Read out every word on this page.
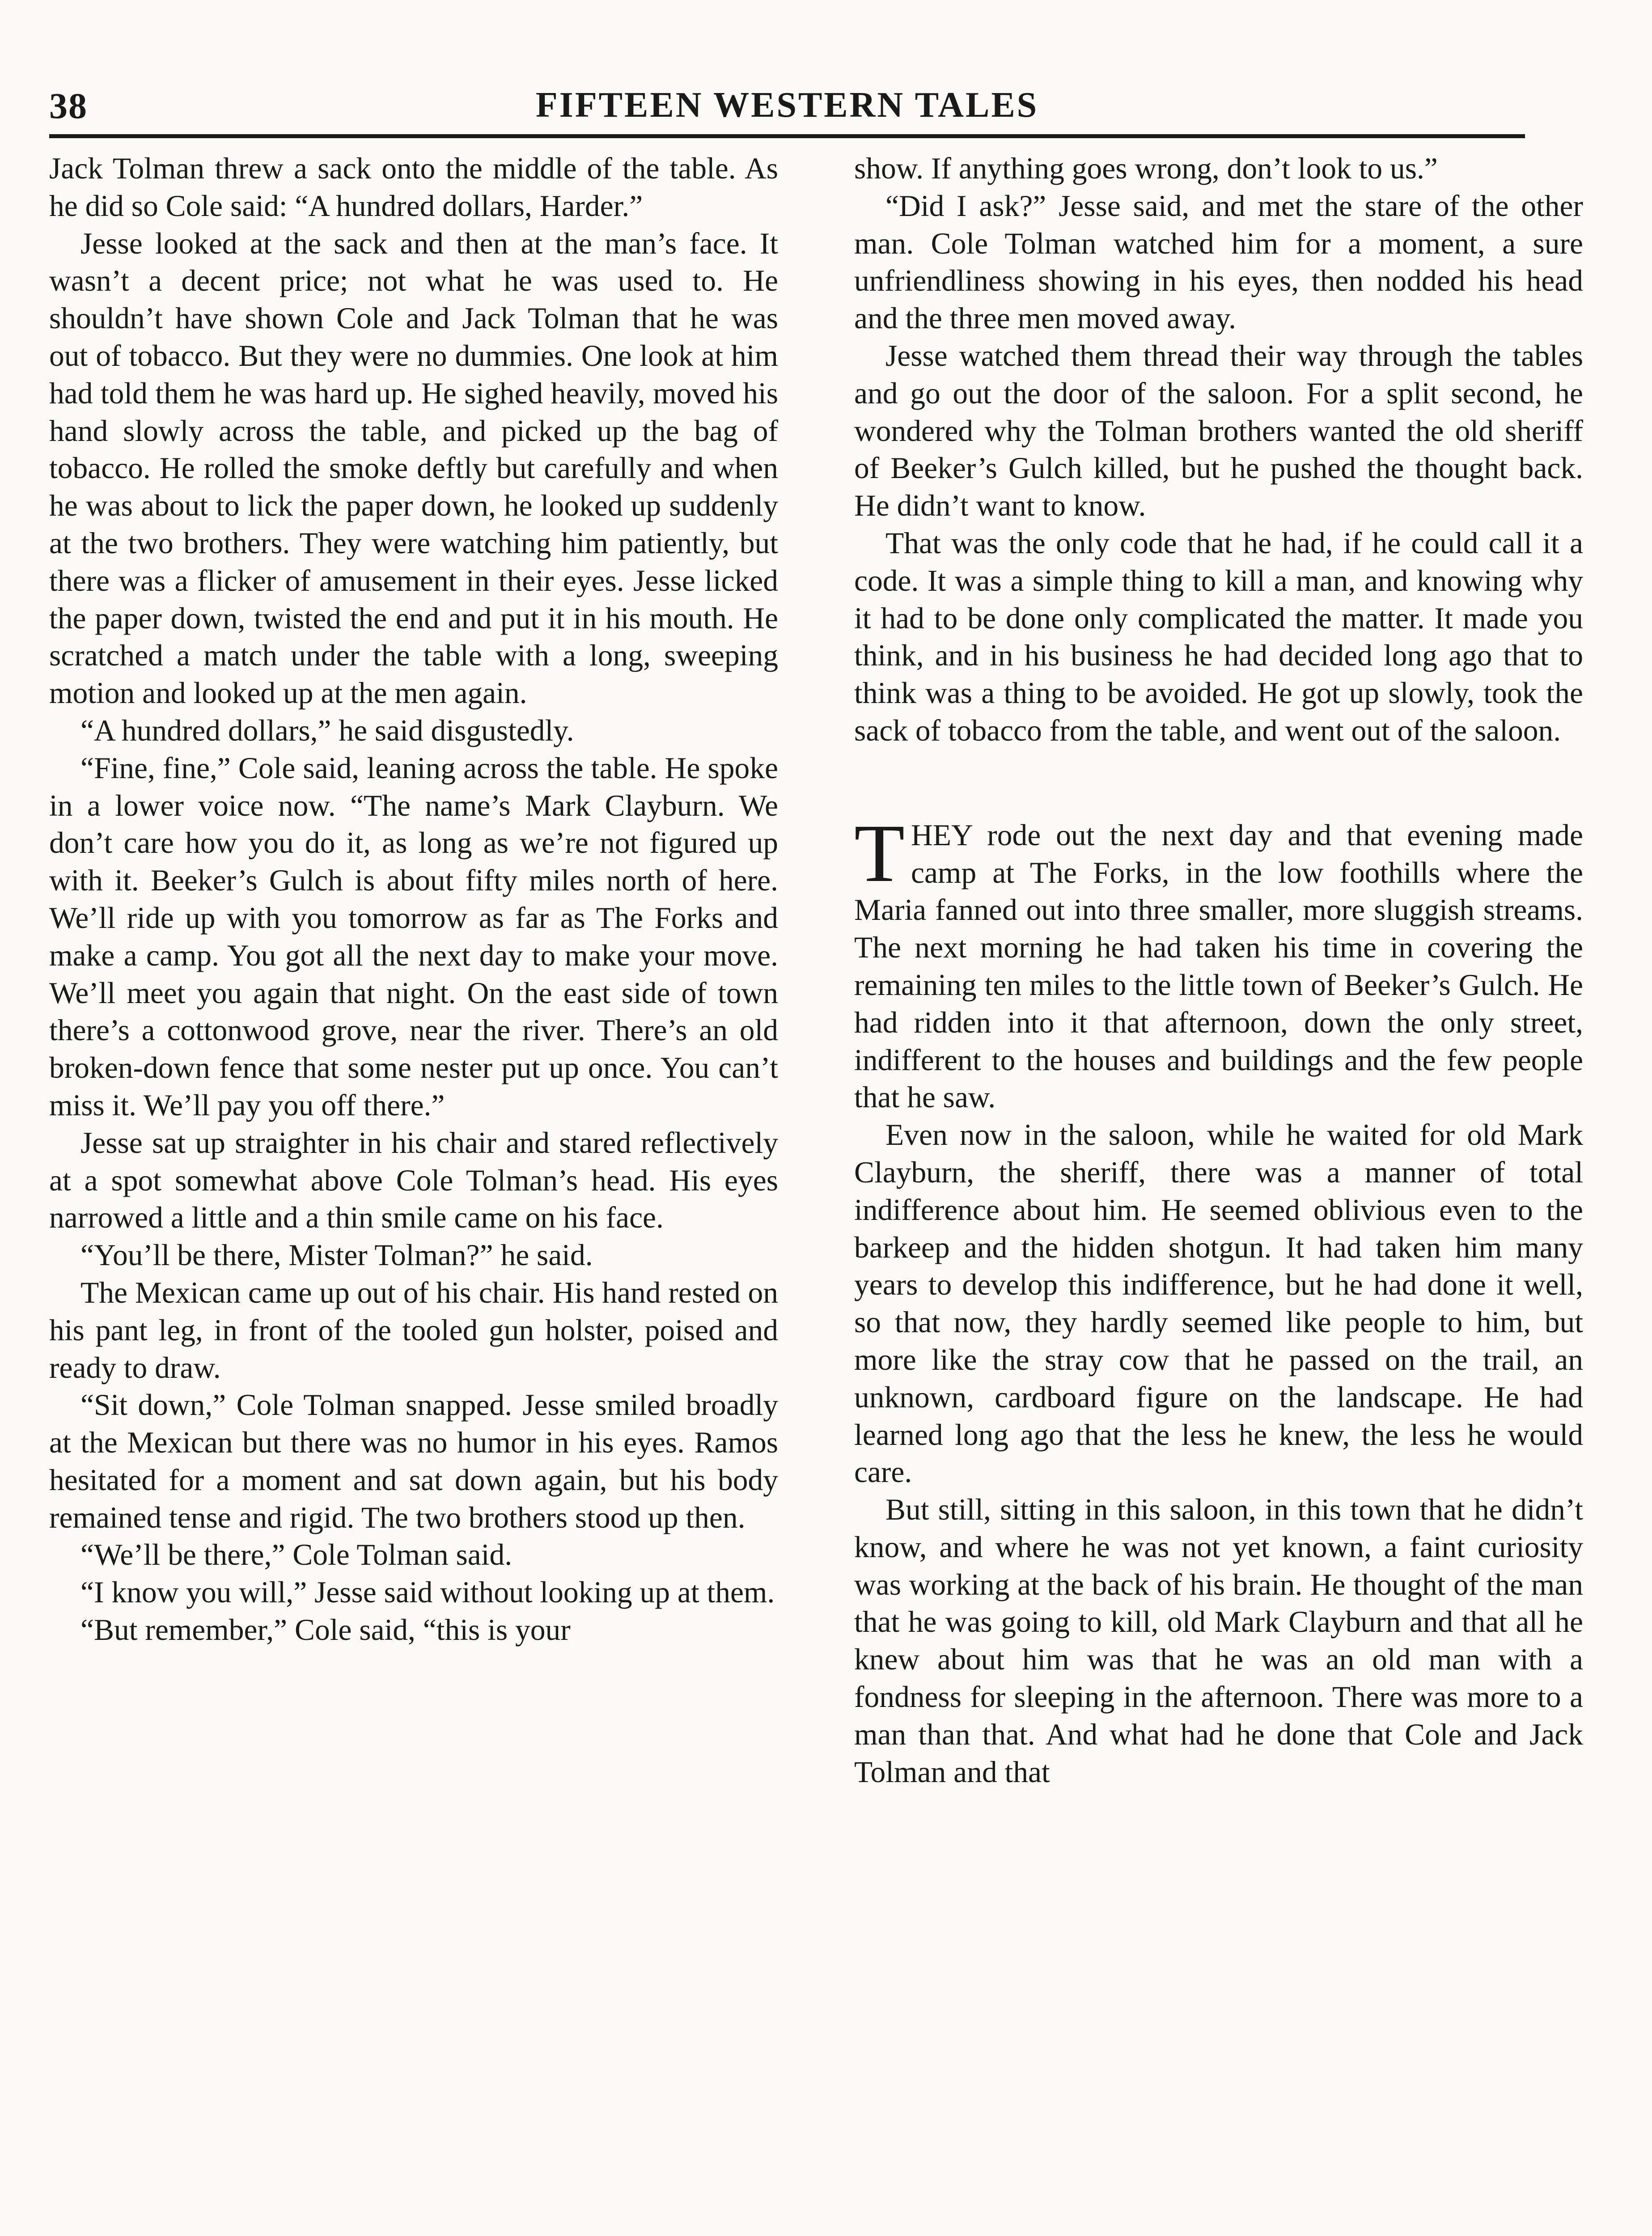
38	FIFTEEN WESTERN TALES

Jack Tolman threw a sack onto the middle of the table. As he did so Cole said: “A hundred dollars, Harder.”

Jesse looked at the sack and then at the man’s face. It wasn’t a decent price; not what he was used to. He shouldn’t have shown Cole and Jack Tolman that he was out of tobacco. But they were no dummies. One look at him had told them he was hard up. He sighed heavily, moved his hand slowly across the table, and picked up the bag of tobacco. He rolled the smoke deftly but carefully and when he was about to lick the paper down, he looked up suddenly at the two brothers. They were watching him patiently, but there was a flicker of amusement in their eyes. Jesse licked the paper down, twisted the end and put it in his mouth. He scratched a match under the table with a long, sweeping motion and looked up at the men again.

“A hundred dollars,” he said disgustedly.

“Fine, fine,” Cole said, leaning across the table. He spoke in a lower voice now. “The name’s Mark Clayburn. We don’t care how you do it, as long as we’re not figured up with it. Beeker’s Gulch is about fifty miles north of here. We’ll ride up with you tomorrow as far as The Forks and make a camp. You got all the next day to make your move. We’ll meet you again that night. On the east side of town there’s a cottonwood grove, near the river. There’s an old broken-down fence that some nester put up once. You can’t miss it. We’ll pay you off there.”

Jesse sat up straighter in his chair and stared reflectively at a spot somewhat above Cole Tolman’s head. His eyes narrowed a little and a thin smile came on his face.

“You’ll be there, Mister Tolman?” he said.

The Mexican came up out of his chair. His hand rested on his pant leg, in front of the tooled gun holster, poised and ready to draw.

“Sit down,” Cole Tolman snapped. Jesse smiled broadly at the Mexican but there was no humor in his eyes. Ramos hesitated for a moment and sat down again, but his body remained tense and rigid. The two brothers stood up then.

“We’ll be there,” Cole Tolman said.

“I know you will,” Jesse said without looking up at them.

“But remember,” Cole said, “this is your

show. If anything goes wrong, don’t look to us.”

“Did I ask?” Jesse said, and met the stare of the other man. Cole Tolman watched him for a moment, a sure unfriendliness showing in his eyes, then nodded his head and the three men moved away.

Jesse watched them thread their way through the tables and go out the door of the saloon. For a split second, he wondered why the Tolman brothers wanted the old sheriff of Beeker’s Gulch killed, but he pushed the thought back. He didn’t want to know.

That was the only code that he had, if he could call it a code. It was a simple thing to kill a man, and knowing why it had to be done only complicated the matter. It made you think, and in his business he had decided long ago that to think was a thing to be avoided. He got up slowly, took the sack of tobacco from the table, and went out of the saloon.

THEY rode out the next day and that evening made camp at The Forks, in the low foothills where the Maria fanned out into three smaller, more sluggish streams. The next morning he had taken his time in covering the remaining ten miles to the little town of Beeker’s Gulch. He had ridden into it that afternoon, down the only street, indifferent to the houses and buildings and the few people that he saw.

Even now in the saloon, while he waited for old Mark Clayburn, the sheriff, there was a manner of total indifference about him. He seemed oblivious even to the barkeep and the hidden shotgun. It had taken him many years to develop this indifference, but he had done it well, so that now, they hardly seemed like people to him, but more like the stray cow that he passed on the trail, an unknown, cardboard figure on the landscape. He had learned long ago that the less he knew, the less he would care.

But still, sitting in this saloon, in this town that he didn’t know, and where he was not yet known, a faint curiosity was working at the back of his brain. He thought of the man that he was going to kill, old Mark Clayburn and that all he knew about him was that he was an old man with a fondness for sleeping in the afternoon. There was more to a man than that. And what had he done that Cole and Jack Tolman and that
